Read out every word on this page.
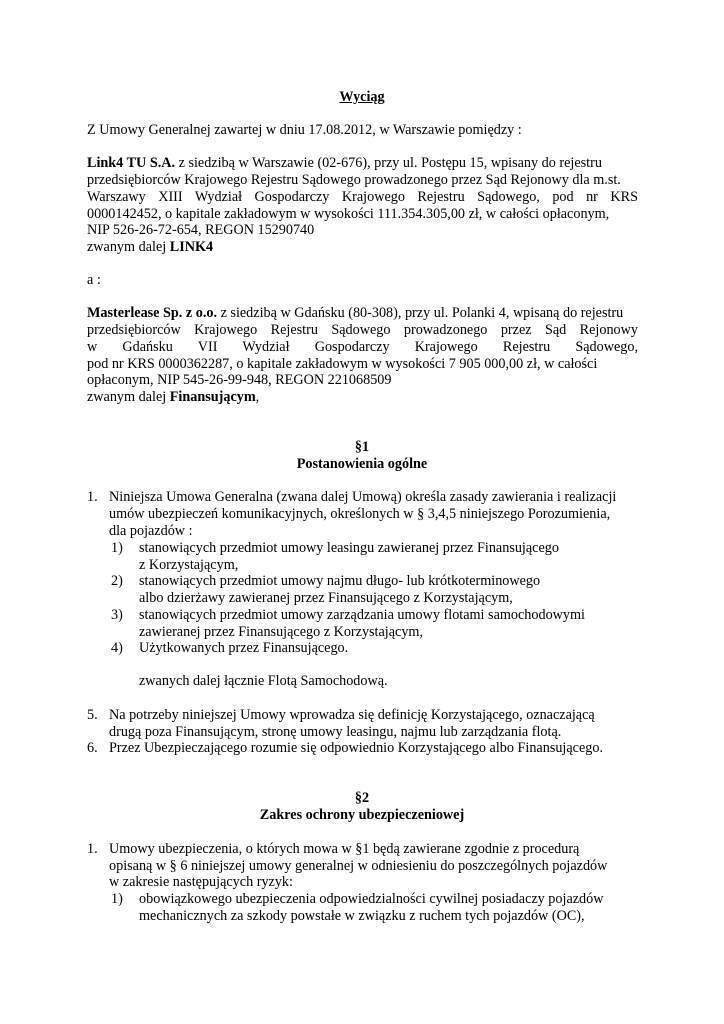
Wyciąg
Z Umowy Generalnej zawartej w dniu 17.08.2012, w Warszawie pomiędzy :
Link4 TU S.A. z siedzibą w Warszawie (02-676), przy ul. Postępu 15, wpisany do rejestru
przedsiębiorców Krajowego Rejestru Sądowego prowadzonego przez Sąd Rejonowy dla m.st.
Warszawy XIII Wydział Gospodarczy Krajowego Rejestru Sądowego, pod nr KRS
0000142452, o kapitale zakładowym w wysokości 111.354.305,00 zł, w całości opłaconym,
NIP 526-26-72-654, REGON 15290740
zwanym dalej LINK4
a :
Masterlease Sp. z o.o. z siedzibą w Gdańsku (80-308), przy ul. Polanki 4, wpisaną do rejestru
przedsiębiorców Krajowego Rejestru Sądowego prowadzonego przez Sąd Rejonowy
w Gdańsku VII Wydział Gospodarczy Krajowego Rejestru Sądowego,
pod nr KRS 0000362287, o kapitale zakładowym w wysokości 7 905 000,00 zł, w całości
opłaconym, NIP 545-26-99-948, REGON 221068509
zwanym dalej Finansującym,
§1
Postanowienia ogólne
1. Niniejsza Umowa Generalna (zwana dalej Umową) określa zasady zawierania i realizacji
umów ubezpieczeń komunikacyjnych, określonych w § 3,4,5 niniejszego Porozumienia,
dla pojazdów :
1) stanowiących przedmiot umowy leasingu zawieranej przez Finansującego
z Korzystającym,
2) stanowiących przedmiot umowy najmu długo- lub krótkoterminowego
albo dzierżawy zawieranej przez Finansującego z Korzystającym,
3) stanowiących przedmiot umowy zarządzania umowy flotami samochodowymi
zawieranej przez Finansującego z Korzystającym,
4) Użytkowanych przez Finansującego.
zwanych dalej łącznie Flotą Samochodową.
5. Na potrzeby niniejszej Umowy wprowadza się definicję Korzystającego, oznaczającą
drugą poza Finansującym, stronę umowy leasingu, najmu lub zarządzania flotą.
6. Przez Ubezpieczającego rozumie się odpowiednio Korzystającego albo Finansującego.
§2
Zakres ochrony ubezpieczeniowej
1. Umowy ubezpieczenia, o których mowa w §1 będą zawierane zgodnie z procedurą
opisaną w § 6 niniejszej umowy generalnej w odniesieniu do poszczególnych pojazdów
w zakresie następujących ryzyk:
1) obowiązkowego ubezpieczenia odpowiedzialności cywilnej posiadaczy pojazdów
mechanicznych za szkody powstałe w związku z ruchem tych pojazdów (OC),
